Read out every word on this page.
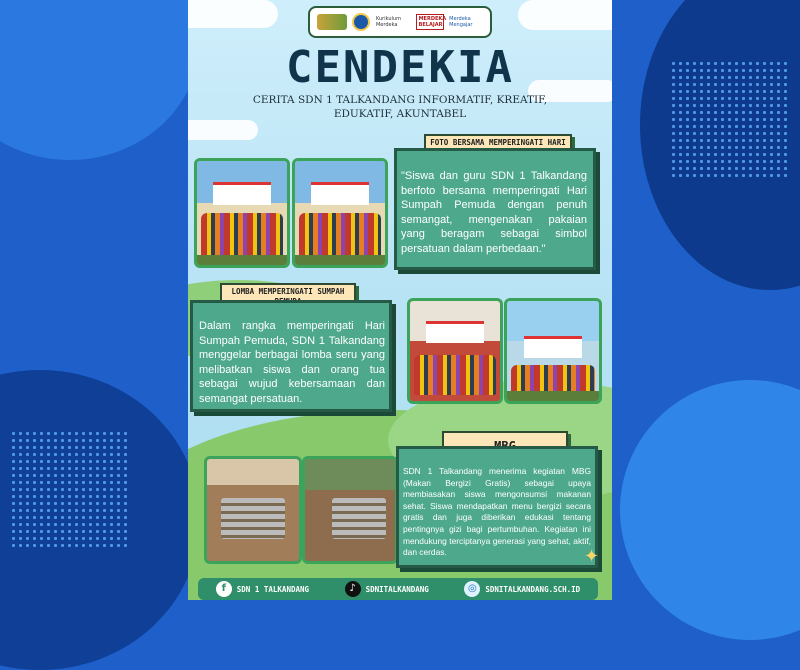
Kurikulum Merdeka
MERDEKA BELAJAR
Merdeka Mengajar
CENDEKIA
CERITA SDN 1 TALKANDANG INFORMATIF, KREATIF, EDUKATIF, AKUNTABEL
FOTO BERSAMA MEMPERINGATI HARI
"Siswa dan guru SDN 1 Talkandang berfoto bersama memperingati Hari Sumpah Pemuda dengan penuh semangat, mengenakan pakaian yang beragam sebagai simbol persatuan dalam perbedaan."
LOMBA MEMPERINGATI SUMPAH
Dalam rangka memperingati Hari Sumpah Pemuda, SDN 1 Talkandang menggelar berbagai lomba seru yang melibatkan siswa dan orang tua sebagai wujud kebersamaan dan semangat persatuan.
SDN 1 Talkandang menerima kegiatan MBG (Makan Bergizi Gratis) sebagai upaya membiasakan siswa mengonsumsi makanan sehat. Siswa mendapatkan menu bergizi secara gratis dan juga diberikan edukasi tentang pentingnya gizi bagi pertumbuhan. Kegiatan ini mendukung terciptanya generasi yang sehat, aktif, dan cerdas.	✦
f	SDN 1 TALKANDANG	♪	SDNITALKANDANG	◎	SDNITALKANDANG.SCH.ID
